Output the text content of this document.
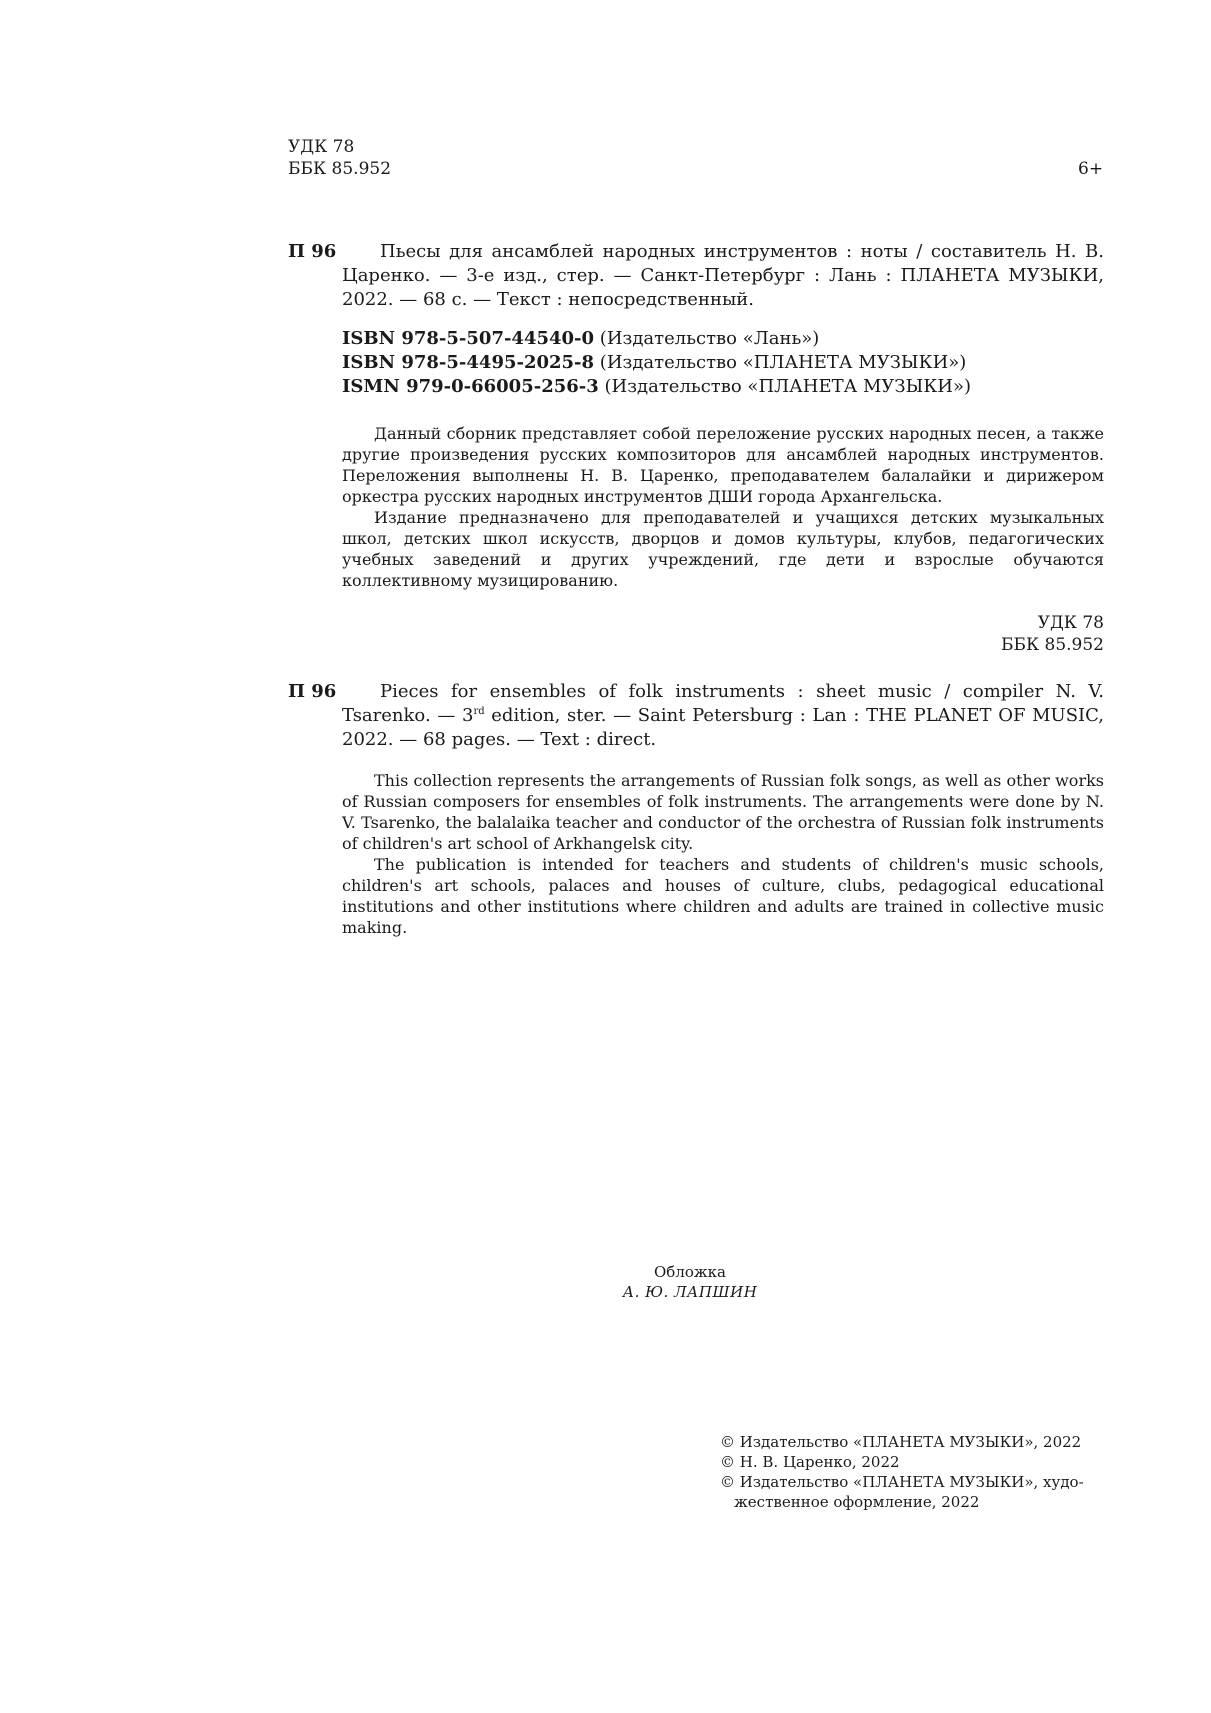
УДК 78
ББК 85.952	6+
П 96	Пьесы для ансамблей народных инструментов : ноты / составитель Н. В. Царенко. — 3-е изд., стер. — Санкт-Петербург : Лань : ПЛАНЕТА МУЗЫКИ, 2022. — 68 с. — Текст : непосредственный.

ISBN 978-5-507-44540-0 (Издательство «Лань»)
ISBN 978-5-4495-2025-8 (Издательство «ПЛАНЕТА МУЗЫКИ»)
ISMN 979-0-66005-256-3 (Издательство «ПЛАНЕТА МУЗЫКИ»)

Данный сборник представляет собой переложение русских народных песен, а также другие произведения русских композиторов для ансамблей народных инструментов. Переложения выполнены Н. В. Царенко, преподавателем балалайки и дирижером оркестра русских народных инструментов ДШИ города Архангельска.

Издание предназначено для преподавателей и учащихся детских музыкальных школ, детских школ искусств, дворцов и домов культуры, клубов, педагогических учебных заведений и других учреждений, где дети и взрослые обучаются коллективному музицированию.

УДК 78
ББК 85.952
П 96	Pieces for ensembles of folk instruments : sheet music / compiler N. V. Tsarenko. — 3rd edition, ster. — Saint Petersburg : Lan : THE PLANET OF MUSIC, 2022. — 68 pages. — Text : direct.

This collection represents the arrangements of Russian folk songs, as well as other works of Russian composers for ensembles of folk instruments. The arrangements were done by N. V. Tsarenko, the balalaika teacher and conductor of the orchestra of Russian folk instruments of children's art school of Arkhangelsk city.

The publication is intended for teachers and students of children's music schools, children's art schools, palaces and houses of culture, clubs, pedagogical educational institutions and other institutions where children and adults are trained in collective music making.

Обложка
А. Ю. ЛАПШИН
© Издательство «ПЛАНЕТА МУЗЫКИ», 2022
© Н. В. Царенко, 2022
© Издательство «ПЛАНЕТА МУЗЫКИ», худо-
жественное оформление, 2022
